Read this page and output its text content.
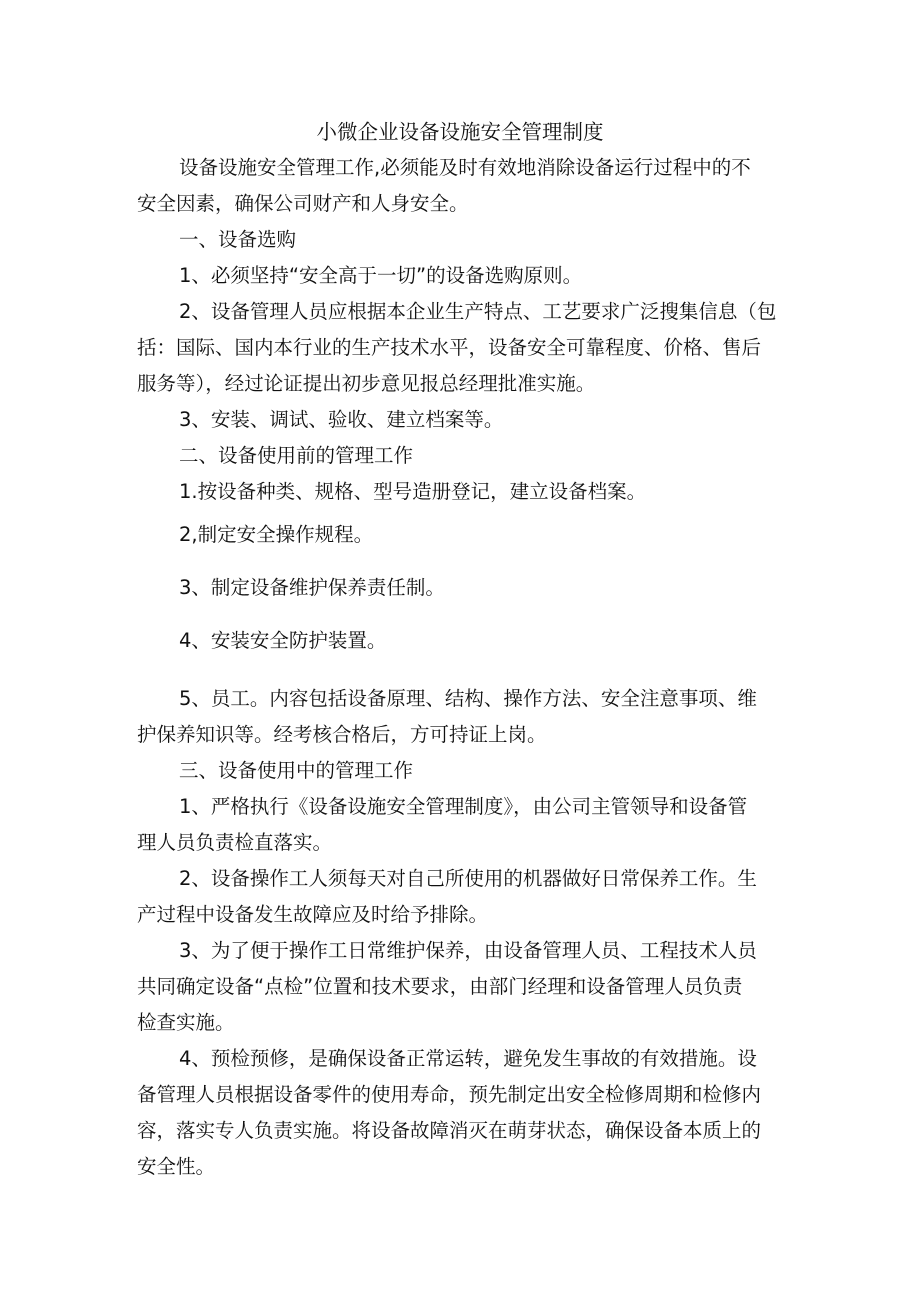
小微企业设备设施安全管理制度

设备设施安全管理工作,必须能及时有效地消除设备运行过程中的不

安全因素，确保公司财产和人身安全。

一、设备选购

1、必须坚持“安全高于一切”的设备选购原则。

2、设备管理人员应根据本企业生产特点、工艺要求广泛搜集信息（包

括：国际、国内本行业的生产技术水平，设备安全可靠程度、价格、售后

服务等），经过论证提出初步意见报总经理批准实施。

3、安装、调试、验收、建立档案等。

二、设备使用前的管理工作

1.按设备种类、规格、型号造册登记，建立设备档案。

2,制定安全操作规程。

3、制定设备维护保养责任制。

4、安装安全防护装置。

5、员工。内容包括设备原理、结构、操作方法、安全注意事项、维

护保养知识等。经考核合格后，方可持证上岗。

三、设备使用中的管理工作

1、严格执行《设备设施安全管理制度》，由公司主管领导和设备管

理人员负责检直落实。

2、设备操作工人须每天对自己所使用的机器做好日常保养工作。生

产过程中设备发生故障应及时给予排除。

3、为了便于操作工日常维护保养，由设备管理人员、工程技术人员

共同确定设备“点检”位置和技术要求，由部门经理和设备管理人员负责

检查实施。

4、预检预修，是确保设备正常运转，避免发生事故的有效措施。设

备管理人员根据设备零件的使用寿命，预先制定出安全检修周期和检修内

容，落实专人负责实施。将设备故障消灭在萌芽状态，确保设备本质上的

安全性。
